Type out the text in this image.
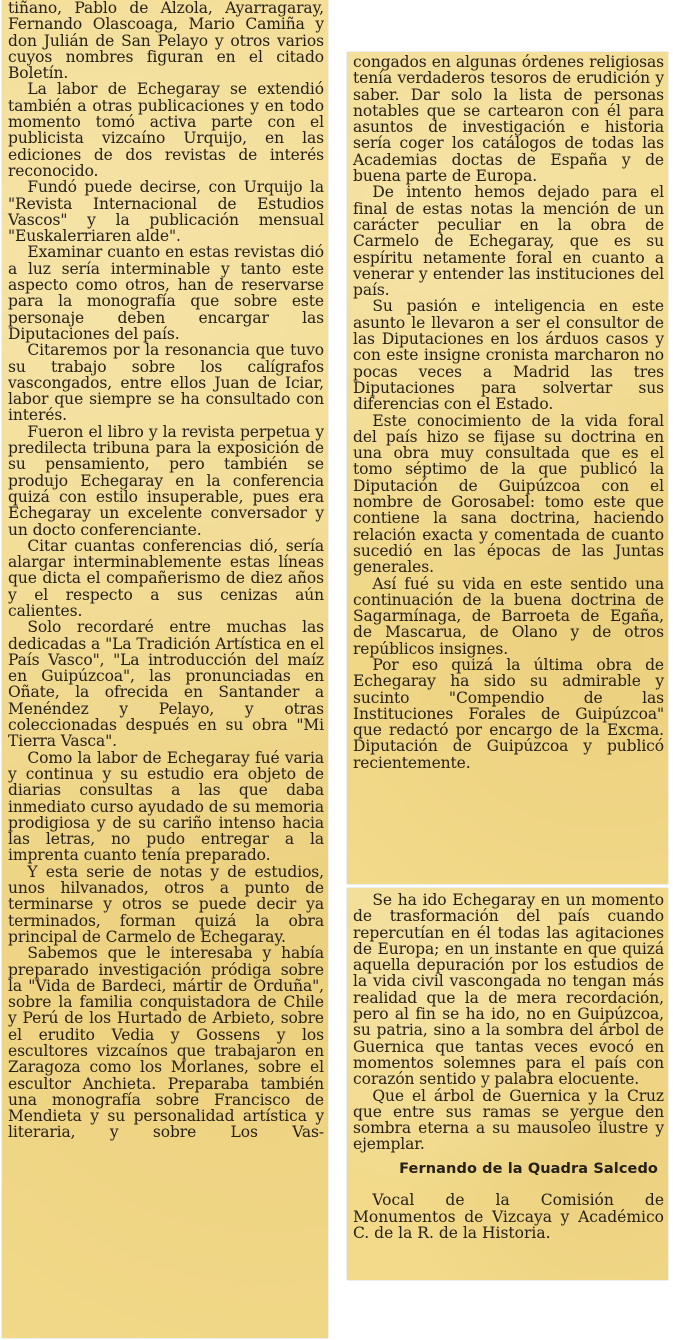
tiñano, Pablo de Alzola, Ayarragaray, Fernando Olascoaga, Mario Camiña y don Julián de San Pelayo y otros varios cuyos nombres figuran en el citado Boletín.

La labor de Echegaray se extendió también a otras publicaciones y en todo momento tomó activa parte con el publicista vizcaíno Urquijo, en las ediciones de dos revistas de interés reconocido.

Fundó puede decirse, con Urquijo la "Revista Internacional de Estudios Vascos" y la publicación mensual "Euskalerriaren alde".

Examinar cuanto en estas revistas dió a luz sería interminable y tanto este aspecto como otros, han de reservarse para la monografía que sobre este personaje deben encargar las Diputaciones del país.

Citaremos por la resonancia que tuvo su trabajo sobre los calígrafos vascongados, entre ellos Juan de Iciar, labor que siempre se ha consultado con interés.

Fueron el libro y la revista perpetua y predilecta tribuna para la exposición de su pensamiento, pero también se produjo Echegaray en la conferencia quizá con estilo insuperable, pues era Echegaray un excelente conversador y un docto conferenciante.

Citar cuantas conferencias dió, sería alargar interminablemente estas líneas que dicta el compañerismo de diez años y el respecto a sus cenizas aún calientes.

Solo recordaré entre muchas las dedicadas a "La Tradición Artística en el País Vasco", "La introducción del maíz en Guipúzcoa", las pronunciadas en Oñate, la ofrecida en Santander a Menéndez y Pelayo, y otras coleccionadas después en su obra "Mi Tierra Vasca".

Como la labor de Echegaray fué varia y continua y su estudio era objeto de diarias consultas a las que daba inmediato curso ayudado de su memoria prodigiosa y de su cariño intenso hacia las letras, no pudo entregar a la imprenta cuanto tenía preparado.

Y esta serie de notas y de estudios, unos hilvanados, otros a punto de terminarse y otros se puede decir ya terminados, forman quizá la obra principal de Carmelo de Echegaray.

Sabemos que le interesaba y había preparado investigación pródiga sobre la "Vida de Bardeci, mártir de Orduña", sobre la familia conquistadora de Chile y Perú de los Hurtado de Arbieto, sobre el erudito Vedia y Gossens y los escultores vizcaínos que trabajaron en Zaragoza como los Morlanes, sobre el escultor Anchieta. Preparaba también una monografía sobre Francisco de Mendieta y su personalidad artística y literaria, y sobre Los Vas-

congados en algunas órdenes religiosas tenía verdaderos tesoros de erudición y saber. Dar solo la lista de personas notables que se cartearon con él para asuntos de investigación e historia sería coger los catálogos de todas las Academias doctas de España y de buena parte de Europa.

De intento hemos dejado para el final de estas notas la mención de un carácter peculiar en la obra de Carmelo de Echegaray, que es su espíritu netamente foral en cuanto a venerar y entender las instituciones del país.

Su pasión e inteligencia en este asunto le llevaron a ser el consultor de las Diputaciones en los árduos casos y con este insigne cronista marcharon no pocas veces a Madrid las tres Diputaciones para solvertar sus diferencias con el Estado.

Este conocimiento de la vida foral del país hizo se fijase su doctrina en una obra muy consultada que es el tomo séptimo de la que publicó la Diputación de Guipúzcoa con el nombre de Gorosabel: tomo este que contiene la sana doctrina, haciendo relación exacta y comentada de cuanto sucedió en las épocas de las Juntas generales.

Así fué su vida en este sentido una continuación de la buena doctrina de Sagarmínaga, de Barroeta de Egaña, de Mascarua, de Olano y de otros repúblicos insignes.

Por eso quizá la última obra de Echegaray ha sido su admirable y sucinto "Compendio de las Instituciones Forales de Guipúzcoa" que redactó por encargo de la Excma. Diputación de Guipúzcoa y publicó recientemente.

Se ha ido Echegaray en un momento de trasformación del país cuando repercutían en él todas las agitaciones de Europa; en un instante en que quizá aquella depuración por los estudios de la vida civil vascongada no tengan más realidad que la de mera recordación, pero al fin se ha ido, no en Guipúzcoa, su patria, sino a la sombra del árbol de Guernica que tantas veces evocó en momentos solemnes para el país con corazón sentido y palabra elocuente.

Que el árbol de Guernica y la Cruz que entre sus ramas se yergue den sombra eterna a su mausoleo ilustre y ejemplar.

Fernando de la Quadra Salcedo

Vocal de la Comisión de Monumentos de Vizcaya y Académico C. de la R. de la Historia.
